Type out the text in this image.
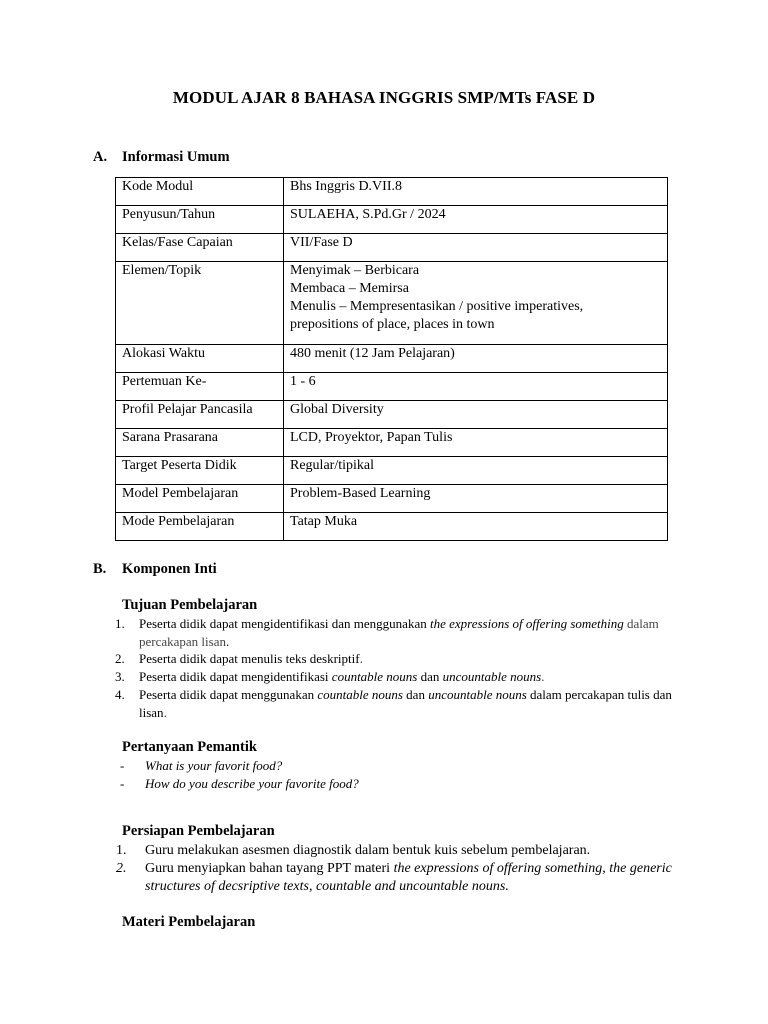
MODUL AJAR 8 BAHASA INGGRIS SMP/MTs FASE D
A. Informasi Umum
Kode Modul	Bhs Inggris D.VII.8
Penyusun/Tahun	SULAEHA, S.Pd.Gr / 2024
Kelas/Fase Capaian	VII/Fase D
Elemen/Topik	Menyimak – Berbicara
Membaca – Memirsa
Menulis – Mempresentasikan / positive imperatives,
prepositions of place, places in town

Alokasi Waktu	480 menit (12 Jam Pelajaran)
Pertemuan Ke-	1 - 6
Profil Pelajar Pancasila	Global Diversity
Sarana Prasarana	LCD, Proyektor, Papan Tulis
Target Peserta Didik	Regular/tipikal
Model Pembelajaran	Problem-Based Learning
Mode Pembelajaran	Tatap Muka
B. Komponen Inti
Tujuan Pembelajaran
1. Peserta didik dapat mengidentifikasi dan menggunakan the expressions of offering something dalam percakapan lisan.
2. Peserta didik dapat menulis teks deskriptif.
3. Peserta didik dapat mengidentifikasi countable nouns dan uncountable nouns.
4. Peserta didik dapat menggunakan countable nouns dan uncountable nouns dalam percakapan tulis dan lisan.
Pertanyaan Pemantik
- What is your favorit food?
- How do you describe your favorite food?
Persiapan Pembelajaran
1. Guru melakukan asesmen diagnostik dalam bentuk kuis sebelum pembelajaran.
2. Guru menyiapkan bahan tayang PPT materi the expressions of offering something, the generic structures of decsriptive texts, countable and uncountable nouns.
Materi Pembelajaran
